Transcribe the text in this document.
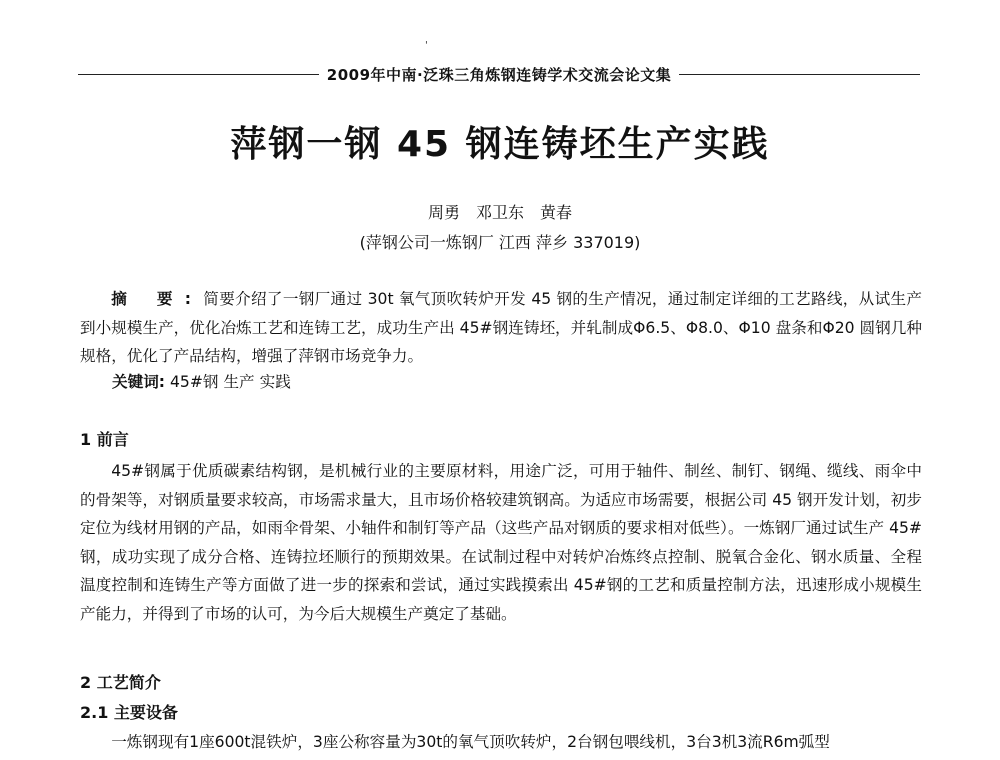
'
2009年中南·泛珠三角炼钢连铸学术交流会论文集
萍钢一钢 45 钢连铸坯生产实践
周勇　邓卫东　黄春
(萍钢公司一炼钢厂 江西 萍乡 337019)
摘 要:简要介绍了一钢厂通过 30t 氧气顶吹转炉开发 45 钢的生产情况，通过制定详细的工艺路线，从试生产到小规模生产，优化冶炼工艺和连铸工艺，成功生产出 45#钢连铸坯，并轧制成Φ6.5、Φ8.0、Φ10 盘条和Φ20 圆钢几种规格，优化了产品结构，增强了萍钢市场竞争力。
关键词: 45#钢 生产 实践
1 前言
45#钢属于优质碳素结构钢，是机械行业的主要原材料，用途广泛，可用于轴件、制丝、制钉、钢绳、缆线、雨伞中的骨架等，对钢质量要求较高，市场需求量大，且市场价格较建筑钢高。为适应市场需要，根据公司 45 钢开发计划，初步定位为线材用钢的产品，如雨伞骨架、小轴件和制钉等产品（这些产品对钢质的要求相对低些）。一炼钢厂通过试生产 45#钢，成功实现了成分合格、连铸拉坯顺行的预期效果。在试制过程中对转炉冶炼终点控制、脱氧合金化、钢水质量、全程温度控制和连铸生产等方面做了进一步的探索和尝试，通过实践摸索出 45#钢的工艺和质量控制方法，迅速形成小规模生产能力，并得到了市场的认可，为今后大规模生产奠定了基础。
2 工艺简介
2.1 主要设备
一炼钢现有1座600t混铁炉，3座公称容量为30t的氧气顶吹转炉，2台钢包喂线机，3台3机3流R6m弧型
